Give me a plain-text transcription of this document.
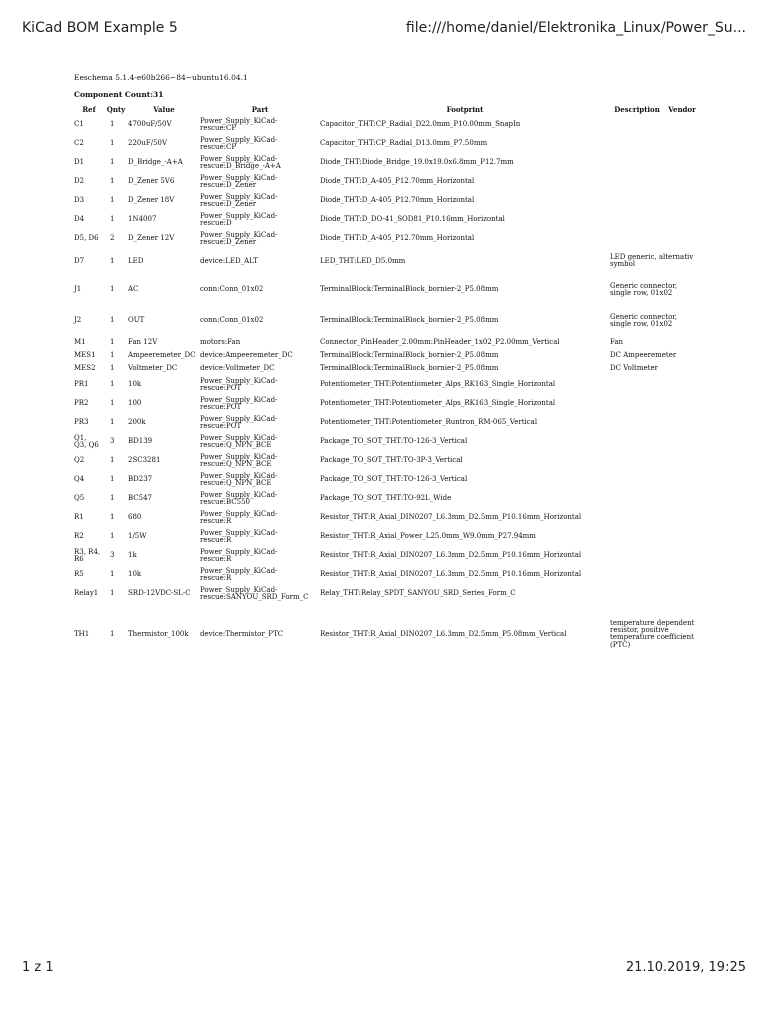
KiCad BOM Example 5	file:///home/daniel/Elektronika_Linux/Power_Su...
Eeschema 5.1.4-e60b266~84~ubuntu16.04.1
Component Count:31
Ref	Qnty	Value	Part	Footprint	Description	Vendor
C1	1	4700uF/50V	Power_Supply_KiCad-
rescue:CP	Capacitor_THT:CP_Radial_D22.0mm_P10.00mm_SnapIn		
C2	1	220uF/50V	Power_Supply_KiCad-
rescue:CP	Capacitor_THT:CP_Radial_D13.0mm_P7.50mm		
D1	1	D_Bridge_-A+A	Power_Supply_KiCad-
rescue:D_Bridge_-A+A	Diode_THT:Diode_Bridge_19.0x19.0x6.8mm_P12.7mm		
D2	1	D_Zener 5V6	Power_Supply_KiCad-
rescue:D_Zener	Diode_THT:D_A-405_P12.70mm_Horizontal		
D3	1	D_Zener 18V	Power_Supply_KiCad-
rescue:D_Zener	Diode_THT:D_A-405_P12.70mm_Horizontal		
D4	1	1N4007	Power_Supply_KiCad-
rescue:D	Diode_THT:D_DO-41_SOD81_P10.16mm_Horizontal		
D5, D6	2	D_Zener 12V	Power_Supply_KiCad-
rescue:D_Zener	Diode_THT:D_A-405_P12.70mm_Horizontal		
D7	1	LED	device:LED_ALT	LED_THT:LED_D5.0mm	LED generic, alternativ symbol	
J1	1	AC	conn:Conn_01x02	TerminalBlock:TerminalBlock_bornier-2_P5.08mm	Generic connector, single row, 01x02	
J2	1	OUT	conn:Conn_01x02	TerminalBlock:TerminalBlock_bornier-2_P5.08mm	Generic connector, single row, 01x02	
M1	1	Fan 12V	motors:Fan	Connector_PinHeader_2.00mm:PinHeader_1x02_P2.00mm_Vertical	Fan	
MES1	1	Ampeeremeter_DC	device:Ampeeremeter_DC	TerminalBlock:TerminalBlock_bornier-2_P5.08mm	DC Ampeeremeter	
MES2	1	Voltmeter_DC	device:Voltmeter_DC	TerminalBlock:TerminalBlock_bornier-2_P5.08mm	DC Voltmeter	
PR1	1	10k	Power_Supply_KiCad-
rescue:POT	Potentiometer_THT:Potentiometer_Alps_RK163_Single_Horizontal		
PR2	1	100	Power_Supply_KiCad-
rescue:POT	Potentiometer_THT:Potentiometer_Alps_RK163_Single_Horizontal		
PR3	1	200k	Power_Supply_KiCad-
rescue:POT	Potentiometer_THT:Potentiometer_Runtron_RM-065_Vertical		
Q1,
Q3, Q6	3	BD139	Power_Supply_KiCad-
rescue:Q_NPN_BCE	Package_TO_SOT_THT:TO-126-3_Vertical		
Q2	1	2SC3281	Power_Supply_KiCad-
rescue:Q_NPN_BCE	Package_TO_SOT_THT:TO-3P-3_Vertical		
Q4	1	BD237	Power_Supply_KiCad-
rescue:Q_NPN_BCE	Package_TO_SOT_THT:TO-126-3_Vertical		
Q5	1	BC547	Power_Supply_KiCad-
rescue:BC550	Package_TO_SOT_THT:TO-92L_Wide		
R1	1	680	Power_Supply_KiCad-
rescue:R	Resistor_THT:R_Axial_DIN0207_L6.3mm_D2.5mm_P10.16mm_Horizontal		
R2	1	1/5W	Power_Supply_KiCad-
rescue:R	Resistor_THT:R_Axial_Power_L25.0mm_W9.0mm_P27.94mm		
R3, R4,
R6	3	1k	Power_Supply_KiCad-
rescue:R	Resistor_THT:R_Axial_DIN0207_L6.3mm_D2.5mm_P10.16mm_Horizontal		
R5	1	10k	Power_Supply_KiCad-
rescue:R	Resistor_THT:R_Axial_DIN0207_L6.3mm_D2.5mm_P10.16mm_Horizontal		
Relay1	1	SRD-12VDC-SL-C	Power_Supply_KiCad-
rescue:SANYOU_SRD_Form_C	Relay_THT:Relay_SPDT_SANYOU_SRD_Series_Form_C		
TH1	1	Thermistor_100k	device:Thermistor_PTC	Resistor_THT:R_Axial_DIN0207_L6.3mm_D2.5mm_P5.08mm_Vertical	temperature dependent resistor, positive temperature coefficient (PTC)	
1 z 1	21.10.2019, 19:25
